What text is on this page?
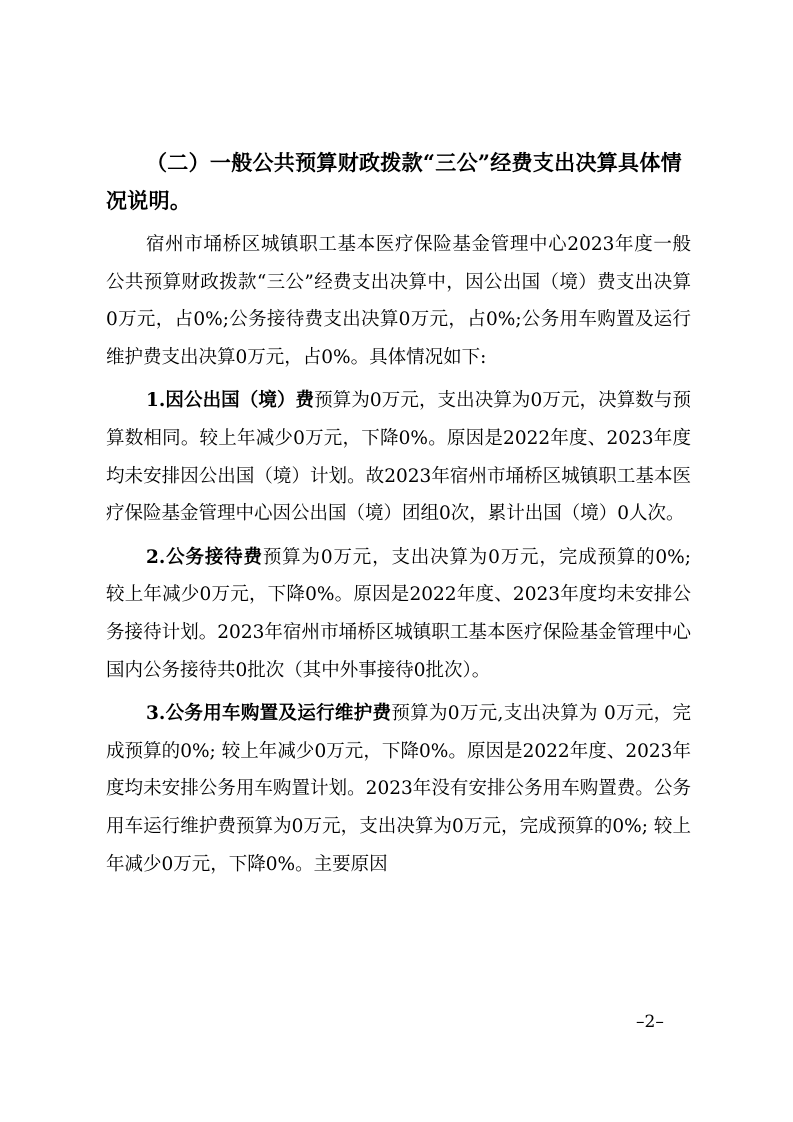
（二）一般公共预算财政拨款“三公”经费支出决算具体情况说明。

宿州市埇桥区城镇职工基本医疗保险基金管理中心2023年度一般公共预算财政拨款“三公”经费支出决算中，因公出国（境）费支出决算0万元，占0%;公务接待费支出决算0万元，占0%;公务用车购置及运行维护费支出决算0万元，占0%。具体情况如下:

1.因公出国（境）费预算为0万元，支出决算为0万元，决算数与预算数相同。较上年减少0万元，下降0%。原因是2022年度、2023年度均未安排因公出国（境）计划。故2023年宿州市埇桥区城镇职工基本医疗保险基金管理中心因公出国（境）团组0次，累计出国（境）0人次。

2.公务接待费预算为0万元，支出决算为0万元，完成预算的0%; 较上年减少0万元，下降0%。原因是2022年度、2023年度均未安排公务接待计划。2023年宿州市埇桥区城镇职工基本医疗保险基金管理中心国内公务接待共0批次（其中外事接待0批次）。

3.公务用车购置及运行维护费预算为0万元,支出决算为 0万元，完成预算的0%; 较上年减少0万元，下降0%。原因是2022年度、2023年度均未安排公务用车购置计划。2023年没有安排公务用车购置费。公务用车运行维护费预算为0万元，支出决算为0万元，完成预算的0%; 较上年减少0万元，下降0%。主要原因

–2–
